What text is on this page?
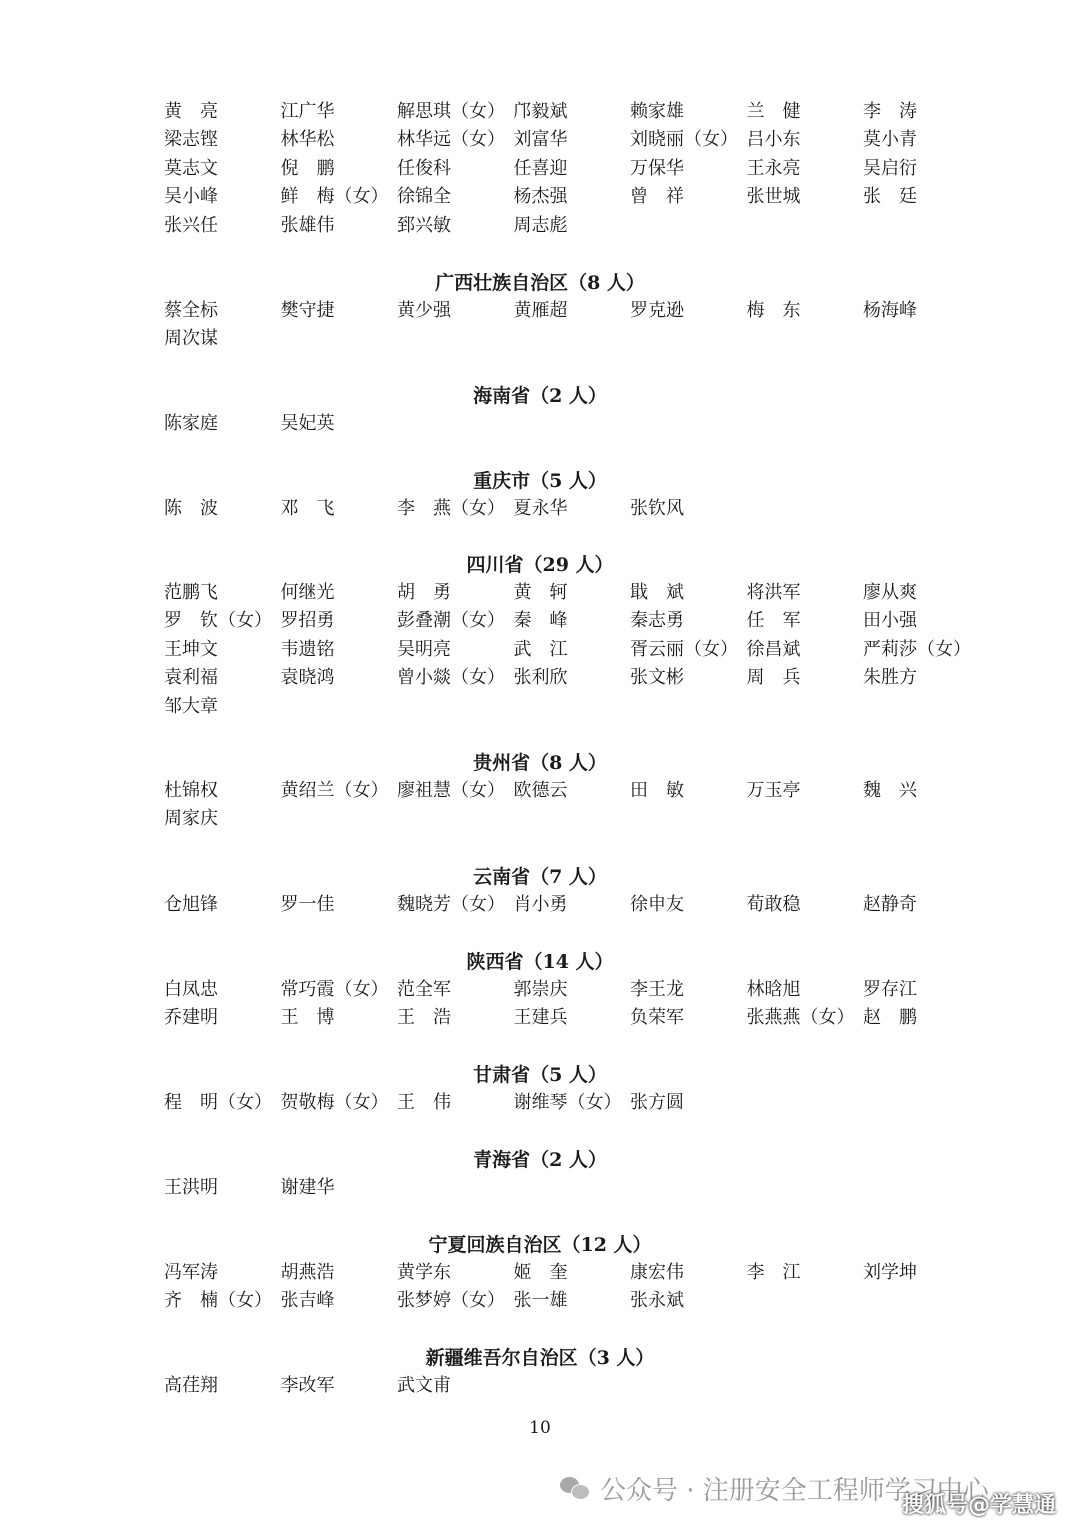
黄　亮	江广华	解思琪（女） 邝毅斌	赖家雄	兰　健	李　涛
梁志铿	林华松	林华远（女） 刘富华	刘晓丽（女） 吕小东	莫小青
莫志文	倪　鹏	任俊科	任喜迎	万保华	王永亮	吴启衍
吴小峰	鲜　梅（女） 徐锦全	杨杰强	曾　祥	张世城	张　廷
张兴任	张雄伟	郅兴敏	周志彪
广西壮族自治区（8 人）
蔡全标	樊守捷	黄少强	黄雁超	罗克逊	梅　东	杨海峰
周次谋
海南省（2 人）
陈家庭	吴妃英
重庆市（5 人）
陈　波	邓　飞	李　燕（女） 夏永华	张钦风
四川省（29 人）
范鹏飞	何继光	胡　勇	黄　轲	戢　斌	将洪军	廖从爽
罗　钦（女） 罗招勇	彭叠潮（女） 秦　峰	秦志勇	任　军	田小强
王坤文	韦遗铭	吴明亮	武　江	胥云丽（女） 徐昌斌	严莉莎（女）
袁利福	袁晓鸿	曾小燚（女） 张利欣	张文彬	周　兵	朱胜方
邹大章
贵州省（8 人）
杜锦权	黄绍兰（女） 廖祖慧（女） 欧德云	田　敏	万玉亭	魏　兴
周家庆
云南省（7 人）
仓旭锋	罗一佳	魏晓芳（女） 肖小勇	徐申友	荀敢稳	赵静奇
陕西省（14 人）
白凤忠	常巧霞（女） 范全军	郭崇庆	李王龙	林晗旭	罗存江
乔建明	王　博	王　浩	王建兵	负荣军	张燕燕（女） 赵　鹏
甘肃省（5 人）
程　明（女） 贺敬梅（女） 王　伟	谢维琴（女） 张方圆
青海省（2 人）
王洪明	谢建华
宁夏回族自治区（12 人）
冯军涛	胡燕浩	黄学东	姬　奎	康宏伟	李　江	刘学坤
齐　楠（女） 张吉峰	张梦婷（女） 张一雄	张永斌
新疆维吾尔自治区（3 人）
高荏翔	李改军	武文甫
10
公众号 · 注册安全工程师学习中心
搜狐号@学慧通
